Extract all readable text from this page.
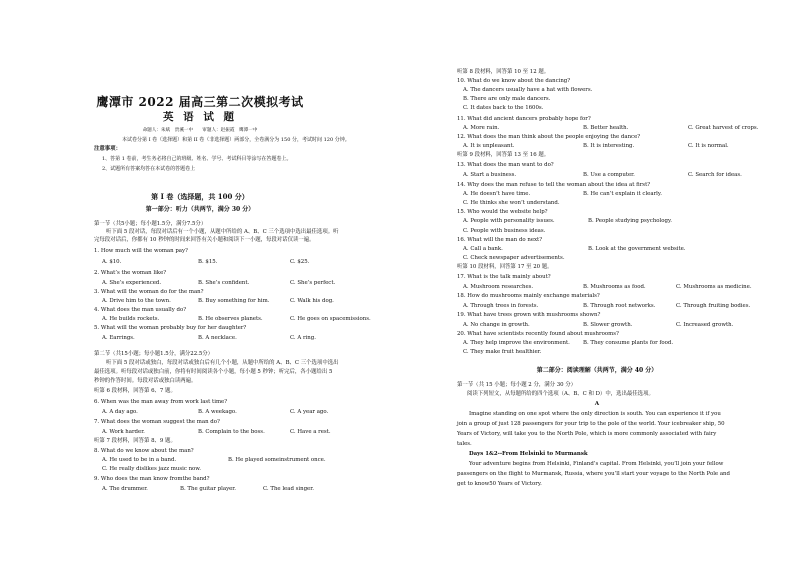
鹰潭市 2022 届高三第二次模拟考试
英 语 试 题
命题人：朱斌　贵溪一中　　审题人：赵振霞　鹰潭一中
本试卷分第 I 卷（选择题）和第 II 卷（非选择题）两部分，全卷满分为 150 分，考试时间 120 分钟。
注意事项：
1、答第 1 卷前，考生务必将自己的班级、姓名、学号、考试科目等涂写在答题卷上。
2、试题所有答案均答在本试卷的答题卷上
第 I 卷（选择题，共 100 分）
第一部分：听力（共两节，满分 30 分）
第一节（共5小题；每小题1.5分，满分7.5分）
听下面 5 段对话，每段对话后有一个小题，从题中所给的 A、B、C 三个选项中选出最佳选项。听
完每段对话后，你都有 10 秒钟的时间来回答有关小题和阅读下一小题，每段对话仅读一遍。
1. How much will the woman pay?
A. $10.	B. $15.	C. $25.
2. What’s the woman like?
A. She’s experienced.	B. She’s confident.	C. She’s perfect.
3. What will the woman do for the man?
A. Drive him to the town.	B. Buy something for him.	C. Walk his dog.
4. What does the man usually do?
A. He builds rockets.	B. He observes planets.	C. He goes on spacemissions.
5. What will the woman probably buy for her daughter?
A. Earrings.	B. A necklace.	C. A ring.
第二节（共15小题；每小题1.5分，满分22.5分）
听下面 5 段对话或独白，每段对话或独白后有几个小题，从题中所给的 A、B、C 三个选项中选出
最佳选项。听每段对话或独白前，你将有时间阅读各个小题，每小题 5 秒钟；听完后，各小题给出 5
秒钟的作答时间。每段对话或独白读两遍。
听第 6 段材料，回答第 6、7 题。
6. When was the man away from work last time?
A. A day ago.	B. A weekago.	C. A year ago.
7. What does the woman suggest the man do?
A. Work harder.	B. Complain to the boss.	C. Have a rest.
听第 7 段材料，回答第 8、9 题。
8. What do we know about the man?
A. He used to be in a band.	B. He played someinstrument once.
C. He really dislikes jazz music now.
9. Who does the man know fromthe band?
A. The drummer.	B. The guitar player.	C. The lead singer.
听第 8 段材料，回答第 10 至 12 题。
10. What do we know about the dancing?
A. The dancers usually have a hat with flowers.
B. There are only male dancers.
C. It dates back to the 1600s.
11. What did ancient dancers probably hope for?
A. More rain.	B. Better health.	C. Great harvest of crops.
12. What does the man think about the people enjoying the dance?
A. It is unpleasant.	B. It is interesting.	C. It is normal.
听第 9 段材料，回答第 13 至 16 题。
13. What does the man want to do?
A. Start a business.	B. Use a computer.	C. Search for ideas.
14. Why does the man refuse to tell the woman about the idea at first?
A. He doesn’t have time.	B. He can’t explain it clearly.
C. He thinks she won’t understand.
15. Who would the website help?
A. People with personality issues.	B. People studying psychology.
C. People with business ideas.
16. What will the man do next?
A. Call a bank.	B. Look at the government website.
C. Check newspaper advertisements.
听第 10 段材料，回答第 17 至 20 题。
17. What is the talk mainly about?
A. Mushroom researches.	B. Mushrooms as food.	C. Mushrooms as medicine.
18. How do mushrooms mainly exchange materials?
A. Through trees in forests.	B. Through root networks.	C. Through fruiting bodies.
19. What have trees grown with mushrooms shown?
A. No change in growth.	B. Slower growth.	C. Increased growth.
20. What have scientists recently found about mushrooms?
A. They help improve the environment. B. They consume plants for food.
C. They make fruit healthier.
第二部分：阅读理解（共两节，满分 40 分）
第一节（共 15 小题；每小题 2 分，满分 30 分）
阅读下列短文，从每题所给的四个选项（A、B、C 和 D）中，选出最佳选项。
A
Imagine standing on one spot where the only direction is south. You can experience it if you
join a group of just 128 passengers for your trip to the pole of the world. Your icebreaker ship, 50
Years of Victory, will take you to the North Pole, which is more commonly associated with fairy
tales.
Days 1&2--From Helsinki to Murmansk
Your adventure begins from Helsinki, Finland’s capital. From Helsinki, you’ll join your fellow
passengers on the flight to Murmansk, Russia, where you’ll start your voyage to the North Pole and
get to know50 Years of Victory.
